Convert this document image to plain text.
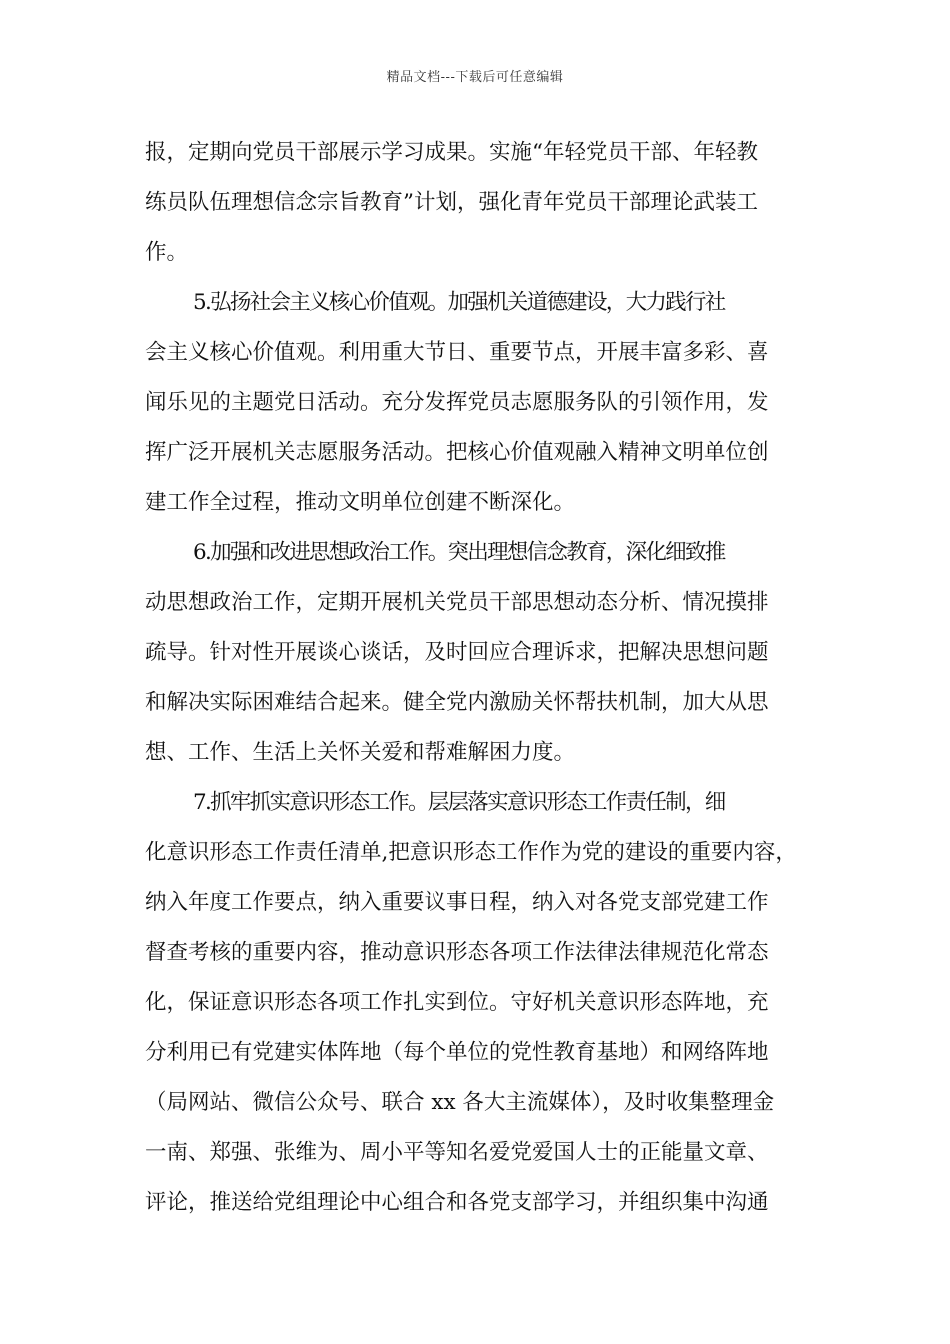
精品文档---下载后可任意编辑
报，定期向党员干部展示学习成果。实施“年轻党员干部、年轻教
练员队伍理想信念宗旨教育”计划，强化青年党员干部理论武装工
作。
5.弘扬社会主义核心价值观。加强机关道德建设，大力践行社
会主义核心价值观。利用重大节日、重要节点，开展丰富多彩、喜
闻乐见的主题党日活动。充分发挥党员志愿服务队的引领作用，发
挥广泛开展机关志愿服务活动。把核心价值观融入精神文明单位创
建工作全过程，推动文明单位创建不断深化。
6.加强和改进思想政治工作。突出理想信念教育，深化细致推
动思想政治工作，定期开展机关党员干部思想动态分析、情况摸排
疏导。针对性开展谈心谈话，及时回应合理诉求，把解决思想问题
和解决实际困难结合起来。健全党内激励关怀帮扶机制，加大从思
想、工作、生活上关怀关爱和帮难解困力度。
7.抓牢抓实意识形态工作。层层落实意识形态工作责任制，细
化意识形态工作责任清单,把意识形态工作作为党的建设的重要内容，
纳入年度工作要点，纳入重要议事日程，纳入对各党支部党建工作
督查考核的重要内容，推动意识形态各项工作法律法律规范化常态
化，保证意识形态各项工作扎实到位。守好机关意识形态阵地，充
分利用已有党建实体阵地（每个单位的党性教育基地）和网络阵地
（局网站、微信公众号、联合 xx 各大主流媒体），及时收集整理金
一南、郑强、张维为、周小平等知名爱党爱国人士的正能量文章、
评论，推送给党组理论中心组合和各党支部学习，并组织集中沟通
